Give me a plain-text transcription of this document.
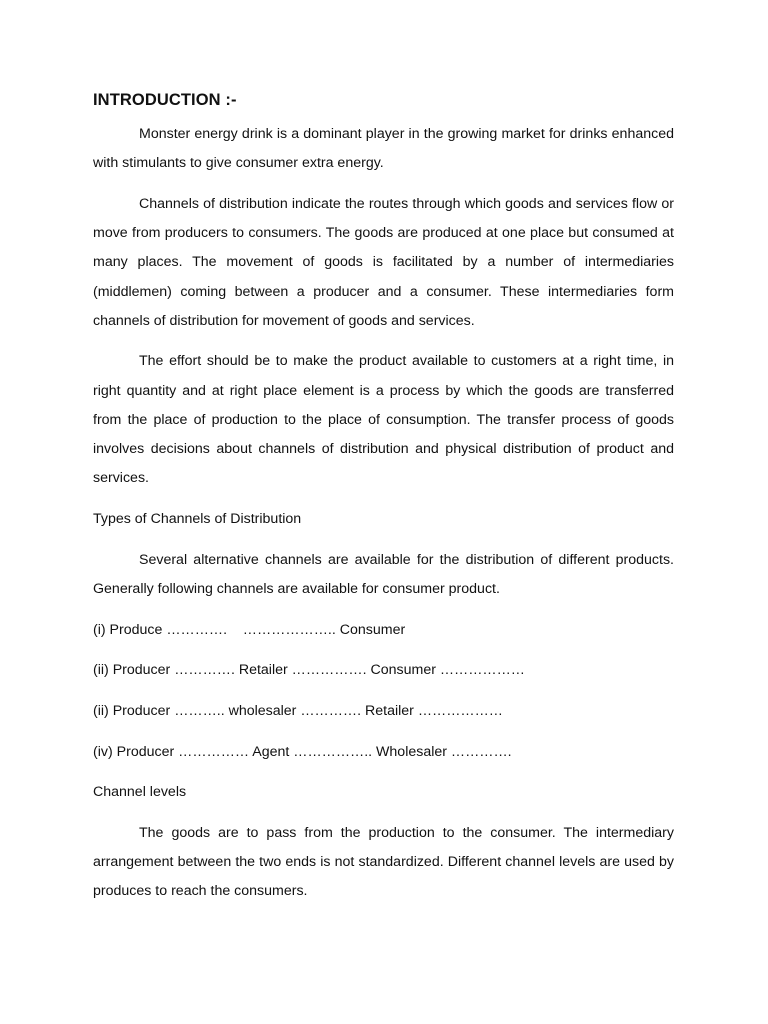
INTRODUCTION :-

Monster energy drink is a dominant player in the growing market for drinks enhanced with stimulants to give consumer extra energy.

Channels of distribution indicate the routes through which goods and services flow or move from producers to consumers. The goods are produced at one place but consumed at many places. The movement of goods is facilitated by a number of intermediaries (middlemen) coming between a producer and a consumer. These intermediaries form channels of distribution for movement of goods and services.

The effort should be to make the product available to customers at a right time, in right quantity and at right place element is a process by which the goods are transferred from the place of production to the place of consumption. The transfer process of goods involves decisions about channels of distribution and physical distribution of product and services.

Types of Channels of Distribution

Several alternative channels are available for the distribution of different products. Generally following channels are available for consumer product.

(i) Produce ………….    ……………….. Consumer

(ii) Producer …………. Retailer ……………. Consumer ………………

(ii) Producer ……….. wholesaler …………. Retailer ………………

(iv) Producer …………… Agent …………….. Wholesaler ………….

Channel levels

The goods are to pass from the production to the consumer. The intermediary arrangement between the two ends is not standardized. Different channel levels are used by produces to reach the consumers.
